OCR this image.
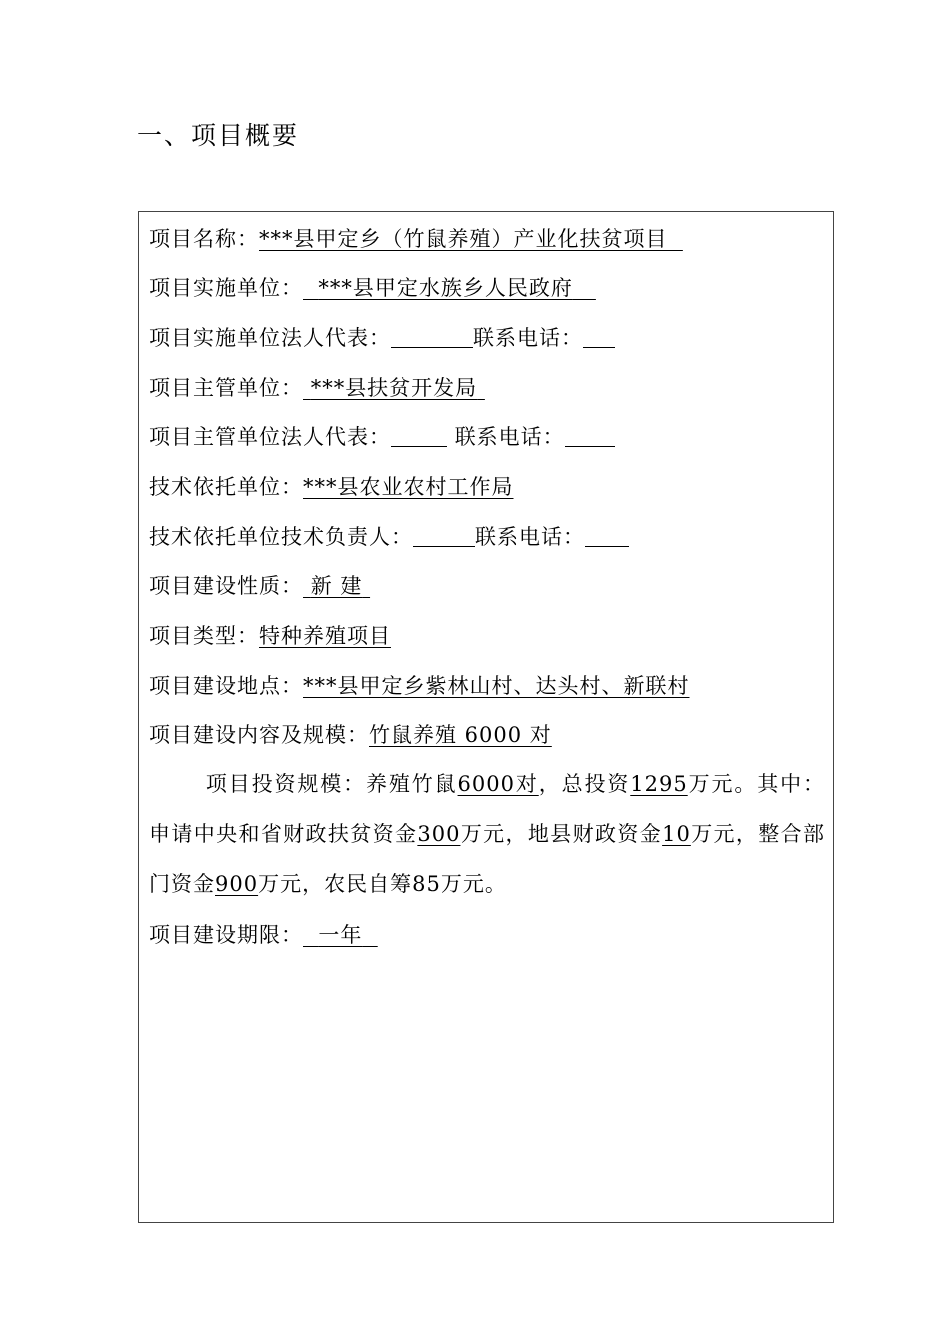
一、项目概要
项目名称：***县甲定乡（竹鼠养殖）产业化扶贫项目
项目实施单位： ***县甲定水族乡人民政府
项目实施单位法人代表：	联系电话：
项目主管单位： ***县扶贫开发局
项目主管单位法人代表：	联系电话：
技术依托单位：***县农业农村工作局
技术依托单位技术负责人：	联系电话：
项目建设性质： 新 建
项目类型：特种养殖项目
项目建设地点：***县甲定乡紫林山村、达头村、新联村
项目建设内容及规模：竹鼠养殖 6000 对
项目投资规模：养殖竹鼠6000对，总投资1295万元。其中：申请中央和省财政扶贫资金300万元，地县财政资金10万元，整合部门资金900万元，农民自筹85万元。
项目建设期限： 一年
